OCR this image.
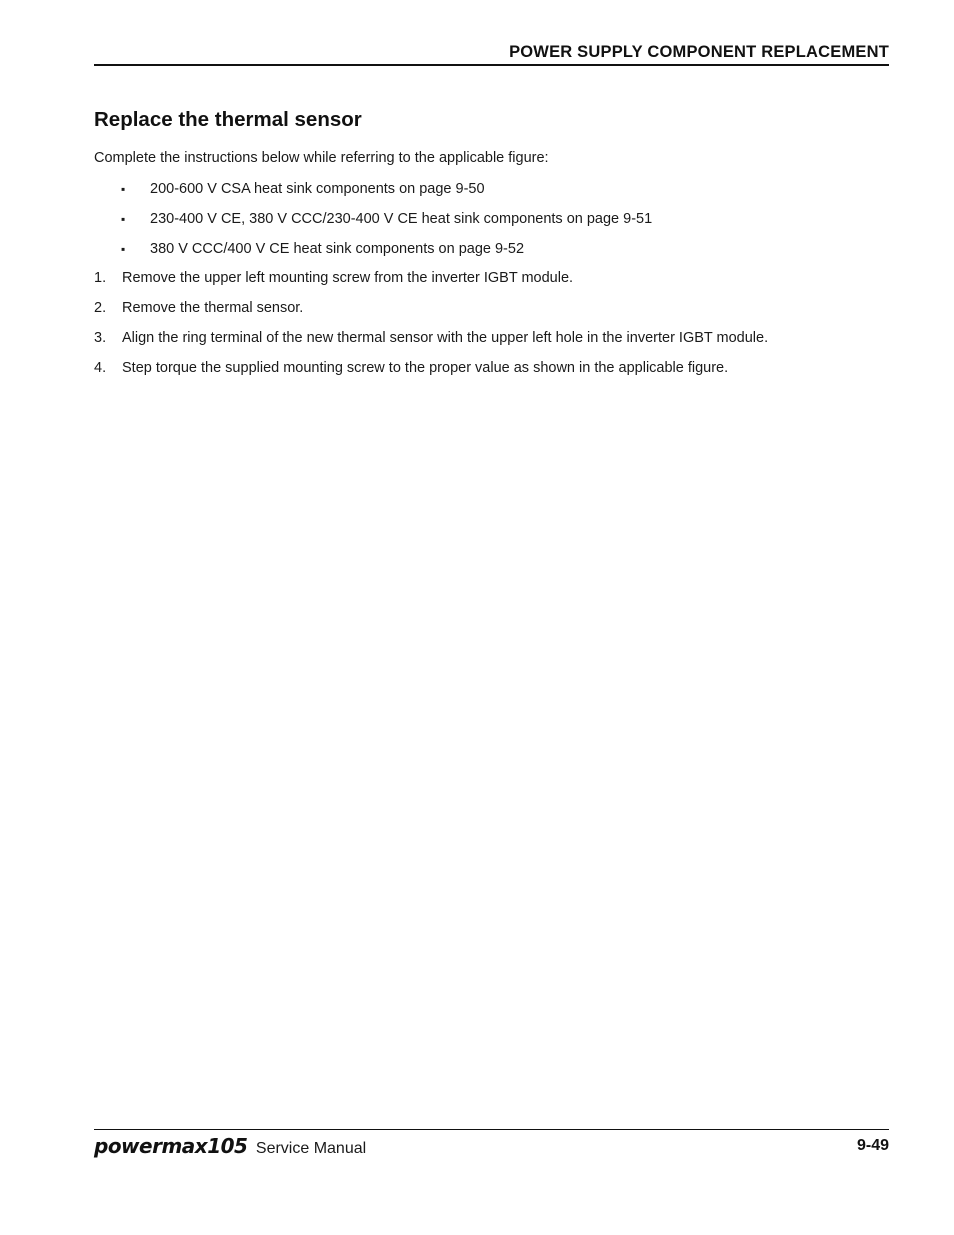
POWER SUPPLY COMPONENT REPLACEMENT
Replace the thermal sensor

Complete the instructions below while referring to the applicable figure:

▪ 200-600 V CSA heat sink components on page 9-50
▪ 230-400 V CE, 380 V CCC/230-400 V CE heat sink components on page 9-51
▪ 380 V CCC/400 V CE heat sink components on page 9-52
1. Remove the upper left mounting screw from the inverter IGBT module.
2. Remove the thermal sensor.
3. Align the ring terminal of the new thermal sensor with the upper left hole in the inverter IGBT module.
4. Step torque the supplied mounting screw to the proper value as shown in the applicable figure.
powermax105 Service Manual	9-49
